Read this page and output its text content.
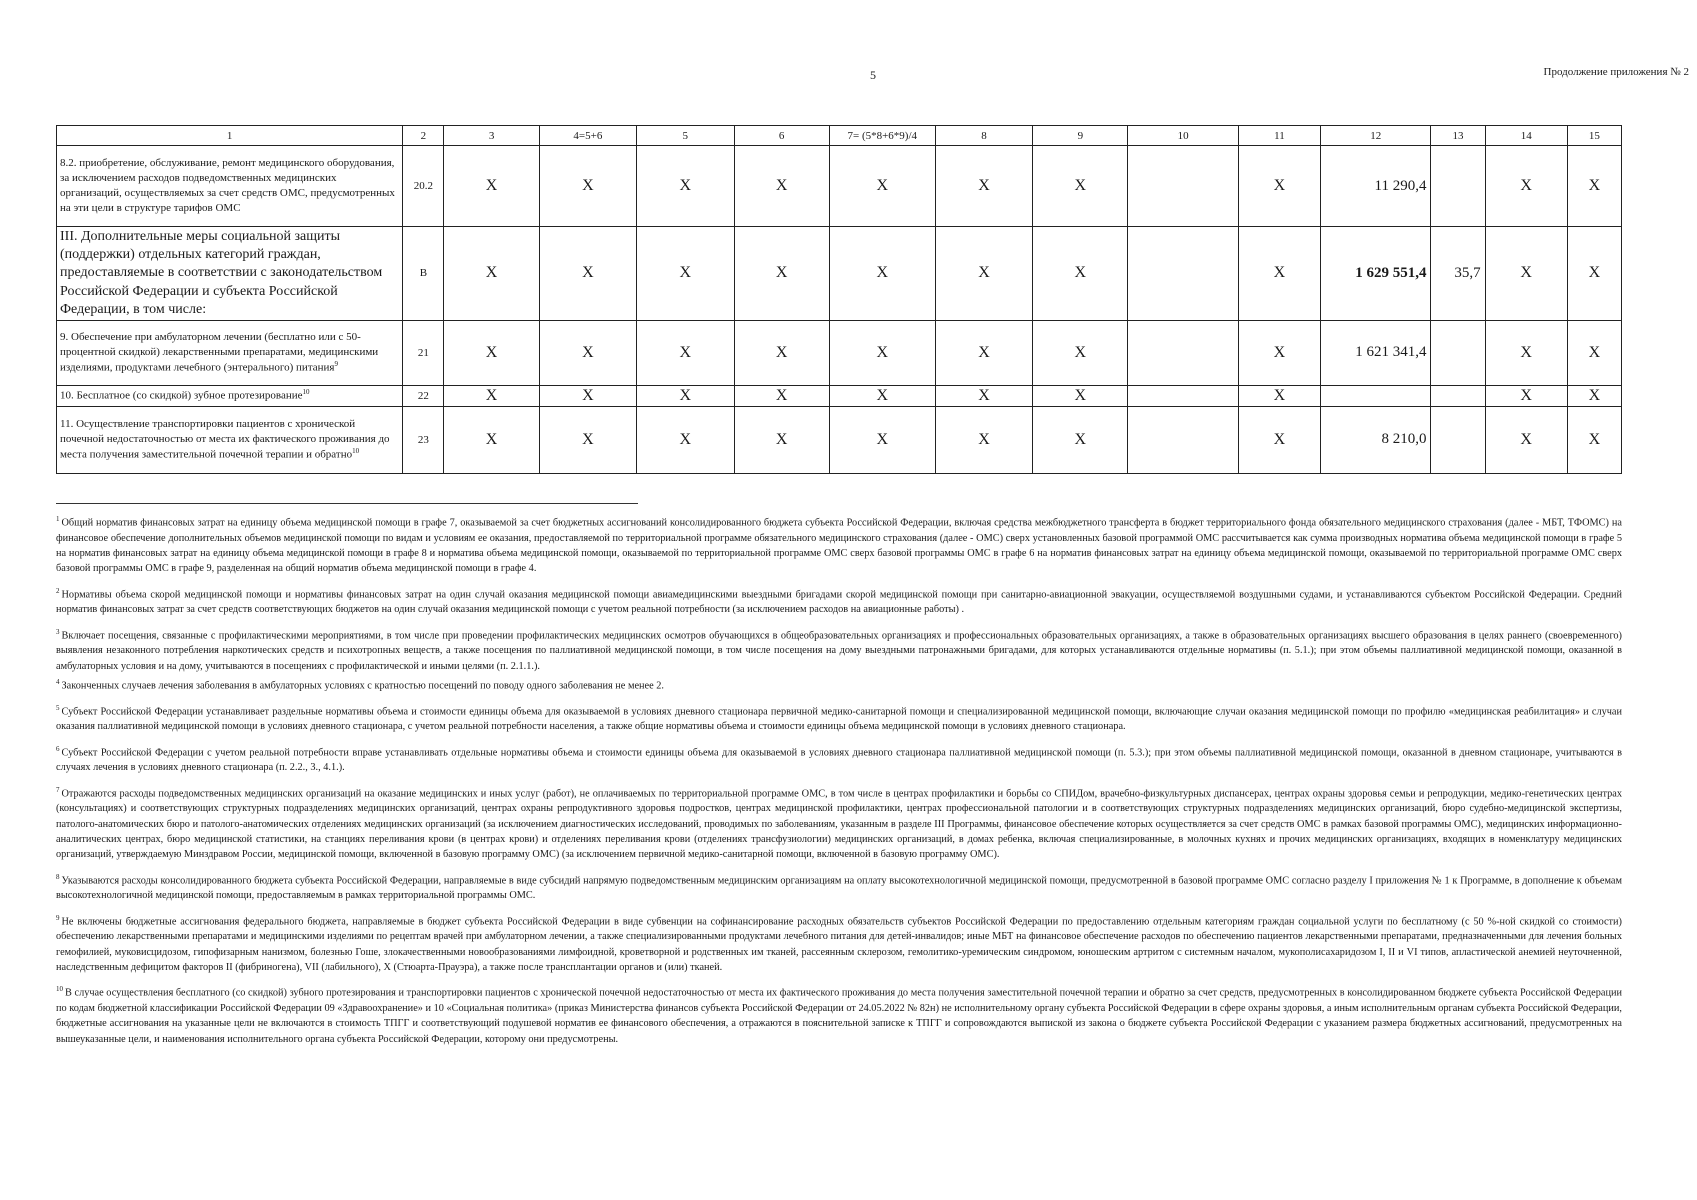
5	Продолжение приложения № 2
1	2	3	4=5+6	5	6	7= (5*8+6*9)/4	8	9	10	11	12	13	14	15
8.2. приобретение, обслуживание, ремонт медицинского оборудования, за исключением расходов подведомственных медицинских организаций, осуществляемых за счет средств ОМС, предусмотренных на эти цели в структуре тарифов ОМС	20.2	X	X	X	X	X	X	X		X	11 290,4		X	X
III. Дополнительные меры социальной защиты (поддержки) отдельных категорий граждан, предоставляемые в соответствии с законодательством Российской Федерации и субъекта Российской Федерации, в том числе:	В	X	X	X	X	X	X	X		X	1 629 551,4	35,7	X	X
9. Обеспечение при амбулаторном лечении (бесплатно или с 50-процентной скидкой) лекарственными препаратами, медицинскими изделиями, продуктами лечебного (энтерального) питания$^9$	21	X	X	X	X	X	X	X		X	1 621 341,4		X	X
10. Бесплатное (со скидкой) зубное протезирование$^{10}$	22	X	X	X	X	X	X	X		X			X	X
11. Осуществление транспортировки пациентов с хронической почечной недостаточностью от места их фактического проживания до места получения заместительной почечной терапии и обратно$^{10}$	23	X	X	X	X	X	X	X		X	8 210,0		X	X

$^1$ Общий норматив финансовых затрат на единицу объема медицинской помощи в графе 7, оказываемой за счет бюджетных ассигнований консолидированного бюджета субъекта Российской Федерации, включая средства межбюджетного трансферта в бюджет территориального фонда обязательного медицинского страхования (далее - МБТ, ТФОМС) на финансовое обеспечение дополнительных объемов медицинской помощи по видам и условиям ее оказания, предоставляемой по территориальной программе обязательного медицинского страхования (далее - ОМС) сверх установленных базовой программой ОМС рассчитывается как сумма производных норматива объема медицинской помощи в графе 5 на норматив финансовых затрат на единицу объема медицинской помощи в графе 8 и норматива объема медицинской помощи, оказываемой по территориальной программе ОМС сверх базовой программы ОМС в графе 6 на норматив финансовых затрат на единицу объема медицинской помощи, оказываемой по территориальной программе ОМС сверх базовой программы ОМС в графе 9, разделенная на общий норматив объема медицинской помощи в графе 4.

$^2$ Нормативы объема скорой медицинской помощи и нормативы финансовых затрат на один случай оказания медицинской помощи авиамедицинскими выездными бригадами скорой медицинской помощи при санитарно-авиационной эвакуации, осуществляемой воздушными судами, и устанавливаются субъектом Российской Федерации. Средний норматив финансовых затрат за счет средств соответствующих бюджетов на один случай оказания медицинской помощи с учетом реальной потребности (за исключением расходов на авиационные работы) .

$^3$ Включает посещения, связанные с профилактическими мероприятиями, в том числе при проведении профилактических медицинских осмотров обучающихся в общеобразовательных организациях и профессиональных образовательных организациях, а также в образовательных организациях высшего образования в целях раннего (своевременного) выявления незаконного потребления наркотических средств и психотропных веществ, а также посещения по паллиативной медицинской помощи, в том числе посещения на дому выездными патронажными бригадами, для которых устанавливаются отдельные нормативы (п. 5.1.); при этом объемы паллиативной медицинской помощи, оказанной в амбулаторных условия и на дому, учитываются в посещениях с профилактической и иными целями (п. 2.1.1.).

$^4$ Законченных случаев лечения заболевания в амбулаторных условиях с кратностью посещений по поводу одного заболевания не менее 2.

$^5$ Субъект Российской Федерации устанавливает раздельные нормативы объема и стоимости единицы объема для оказываемой в условиях дневного стационара первичной медико-санитарной помощи и специализированной медицинской помощи, включающие случаи оказания медицинской помощи по профилю «медицинская реабилитация» и случаи оказания паллиативной медицинской помощи в условиях дневного стационара, с учетом реальной потребности населения, а также общие нормативы объема и стоимости единицы объема медицинской помощи в условиях дневного стационара.

$^6$ Субъект Российской Федерации с учетом реальной потребности вправе устанавливать отдельные нормативы объема и стоимости единицы объема для оказываемой в условиях дневного стационара паллиативной медицинской помощи (п. 5.3.); при этом объемы паллиативной медицинской помощи, оказанной в дневном стационаре, учитываются в случаях лечения в условиях дневного стационара (п. 2.2., 3., 4.1.).

$^7$ Отражаются расходы подведомственных медицинских организаций на оказание медицинских и иных услуг (работ), не оплачиваемых по территориальной программе ОМС, в том числе в центрах профилактики и борьбы со СПИДом, врачебно-физкультурных диспансерах, центрах охраны здоровья семьи и репродукции, медико-генетических центрах (консультациях) и соответствующих структурных подразделениях медицинских организаций, центрах охраны репродуктивного здоровья подростков, центрах медицинской профилактики, центрах профессиональной патологии и в соответствующих структурных подразделениях медицинских организаций, бюро судебно-медицинской экспертизы, патолого-анатомических бюро и патолого-анатомических отделениях медицинских организаций (за исключением диагностических исследований, проводимых по заболеваниям, указанным в разделе III Программы, финансовое обеспечение которых осуществляется за счет средств ОМС в рамках базовой программы ОМС), медицинских информационно-аналитических центрах, бюро медицинской статистики, на станциях переливания крови (в центрах крови) и отделениях переливания крови (отделениях трансфузиологии) медицинских организаций, в домах ребенка, включая специализированные, в молочных кухнях и прочих медицинских организациях, входящих в номенклатуру медицинских организаций, утверждаемую Минздравом России, медицинской помощи, включенной в базовую программу ОМС) (за исключением первичной медико-санитарной помощи, включенной в базовую программу ОМС).

$^8$ Указываются расходы консолидированного бюджета субъекта Российской Федерации, направляемые в виде субсидий напрямую подведомственным медицинским организациям на оплату высокотехнологичной медицинской помощи, предусмотренной в базовой программе ОМС согласно разделу I приложения № 1 к Программе, в дополнение к объемам высокотехнологичной медицинской помощи, предоставляемым в рамках территориальной программы ОМС.

$^9$ Не включены бюджетные ассигнования федерального бюджета, направляемые в бюджет субъекта Российской Федерации в виде субвенции на софинансирование расходных обязательств субъектов Российской Федерации по предоставлению отдельным категориям граждан социальной услуги по бесплатному (с 50 %-ной скидкой со стоимости) обеспечению лекарственными препаратами и медицинскими изделиями по рецептам врачей при амбулаторном лечении, а также специализированными продуктами лечебного питания для детей-инвалидов; иные МБТ на финансовое обеспечение расходов по обеспечению пациентов лекарственными препаратами, предназначенными для лечения больных гемофилией, муковисцидозом, гипофизарным нанизмом, болезнью Гоше, злокачественными новообразованиями лимфоидной, кроветворной и родственных им тканей, рассеянным склерозом, гемолитико-уремическим синдромом, юношеским артритом с системным началом, мукополисахаридозом I, II и VI типов, апластической анемией неуточненной, наследственным дефицитом факторов II (фибриногена), VII (лабильного), X (Стюарта-Прауэра), а также после трансплантации органов и (или) тканей.

$^{10}$ В случае осуществления бесплатного (со скидкой) зубного протезирования и транспортировки пациентов с хронической почечной недостаточностью от места их фактического проживания до места получения заместительной почечной терапии и обратно за счет средств, предусмотренных в консолидированном бюджете субъекта Российской Федерации по кодам бюджетной классификации Российской Федерации 09 «Здравоохранение» и 10 «Социальная политика» (приказ Министерства финансов субъекта Российской Федерации от 24.05.2022 № 82н) не исполнительному органу субъекта Российской Федерации в сфере охраны здоровья, а иным исполнительным органам субъекта Российской Федерации, бюджетные ассигнования на указанные цели не включаются в стоимость ТПГГ и соответствующий подушевой норматив ее финансового обеспечения, а отражаются в пояснительной записке к ТПГГ и сопровождаются выпиской из закона о бюджете субъекта Российской Федерации с указанием размера бюджетных ассигнований, предусмотренных на вышеуказанные цели, и наименования исполнительного органа субъекта Российской Федерации, которому они предусмотрены.
